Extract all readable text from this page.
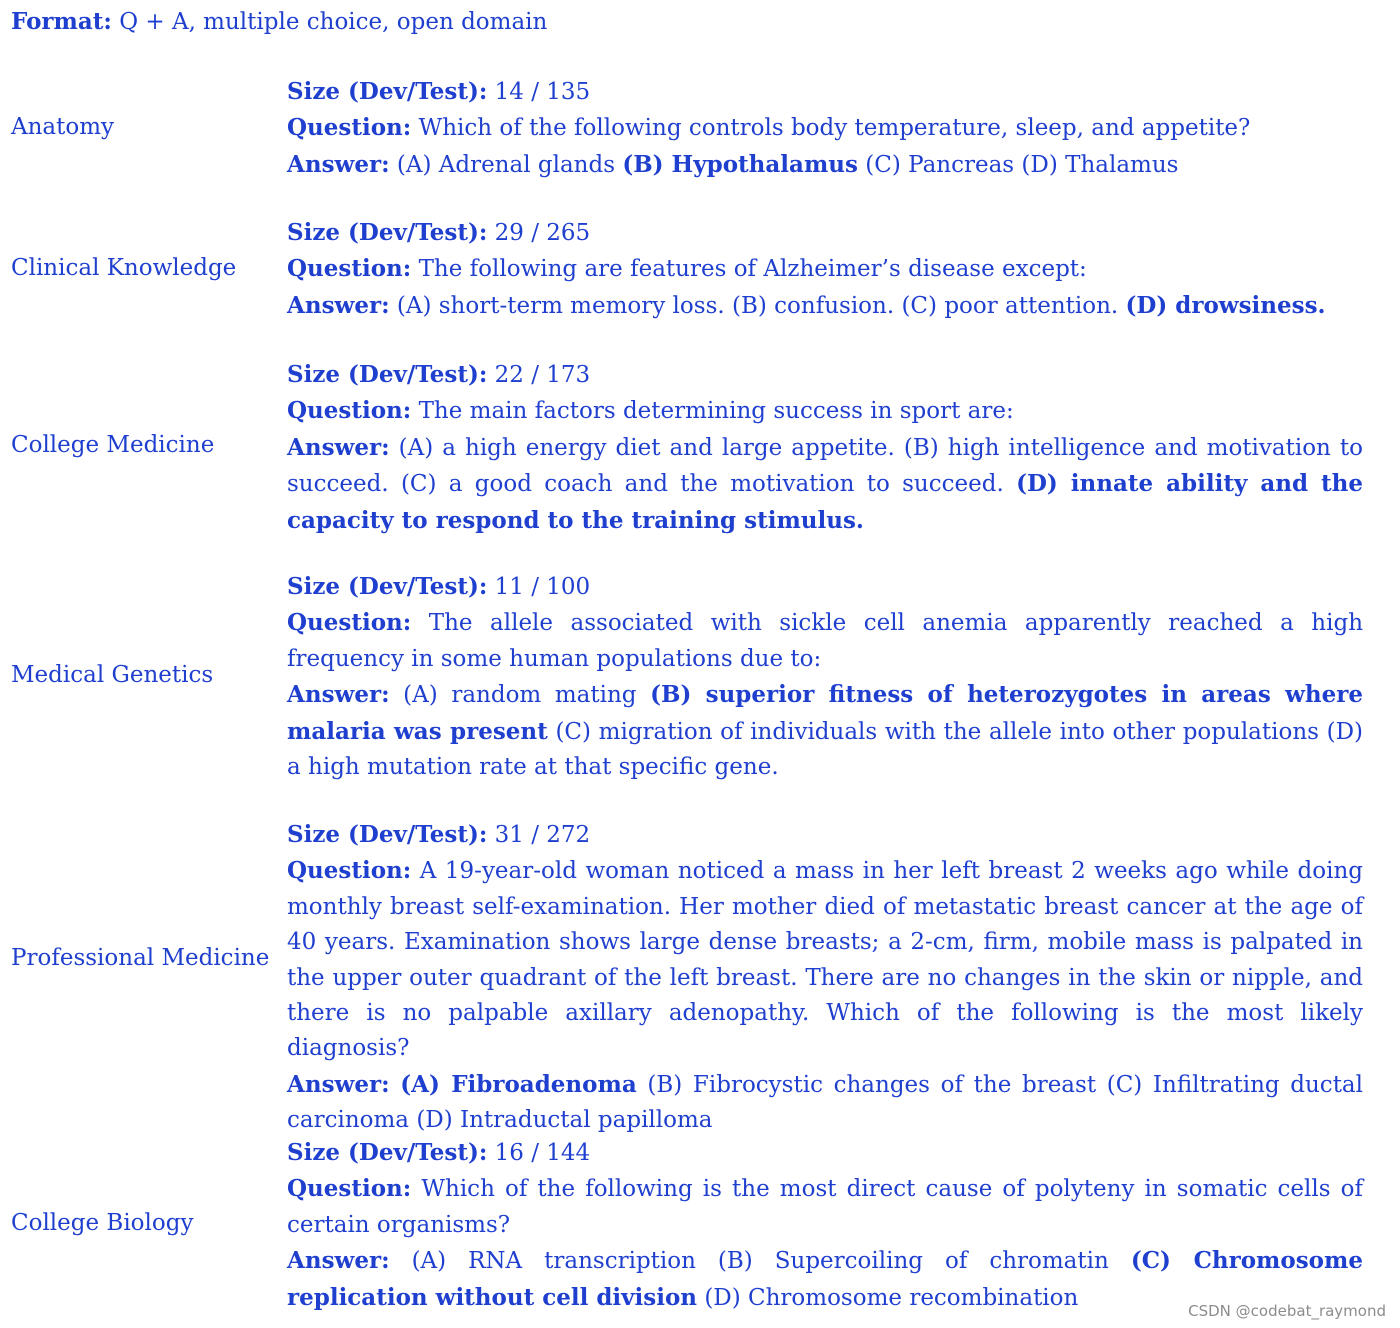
Format: Q + A, multiple choice, open domain
Anatomy
Size (Dev/Test): 14 / 135
Question: Which of the following controls body temperature, sleep, and appetite?
Answer: (A) Adrenal glands (B) Hypothalamus (C) Pancreas (D) Thalamus
Clinical Knowledge
Size (Dev/Test): 29 / 265
Question: The following are features of Alzheimer’s disease except:
Answer: (A) short-term memory loss. (B) confusion. (C) poor attention. (D) drowsiness.
College Medicine
Size (Dev/Test): 22 / 173
Question: The main factors determining success in sport are:
Answer: (A) a high energy diet and large appetite. (B) high intelligence and motivation to succeed. (C) a good coach and the motivation to succeed. (D) innate ability and the capacity to respond to the training stimulus.
Medical Genetics
Size (Dev/Test): 11 / 100
Question: The allele associated with sickle cell anemia apparently reached a high frequency in some human populations due to:
Answer: (A) random mating (B) superior fitness of heterozygotes in areas where malaria was present (C) migration of individuals with the allele into other populations (D) a high mutation rate at that specific gene.
Professional Medicine
Size (Dev/Test): 31 / 272
Question: A 19-year-old woman noticed a mass in her left breast 2 weeks ago while doing monthly breast self-examination. Her mother died of metastatic breast cancer at the age of 40 years. Examination shows large dense breasts; a 2-cm, firm, mobile mass is palpated in the upper outer quadrant of the left breast. There are no changes in the skin or nipple, and there is no palpable axillary adenopathy. Which of the following is the most likely diagnosis?
Answer: (A) Fibroadenoma (B) Fibrocystic changes of the breast (C) Infiltrating ductal carcinoma (D) Intraductal papilloma
College Biology
Size (Dev/Test): 16 / 144
Question: Which of the following is the most direct cause of polyteny in somatic cells of certain organisms?
Answer: (A) RNA transcription (B) Supercoiling of chromatin (C) Chromosome replication without cell division (D) Chromosome recombination
CSDN @codebat_raymond
